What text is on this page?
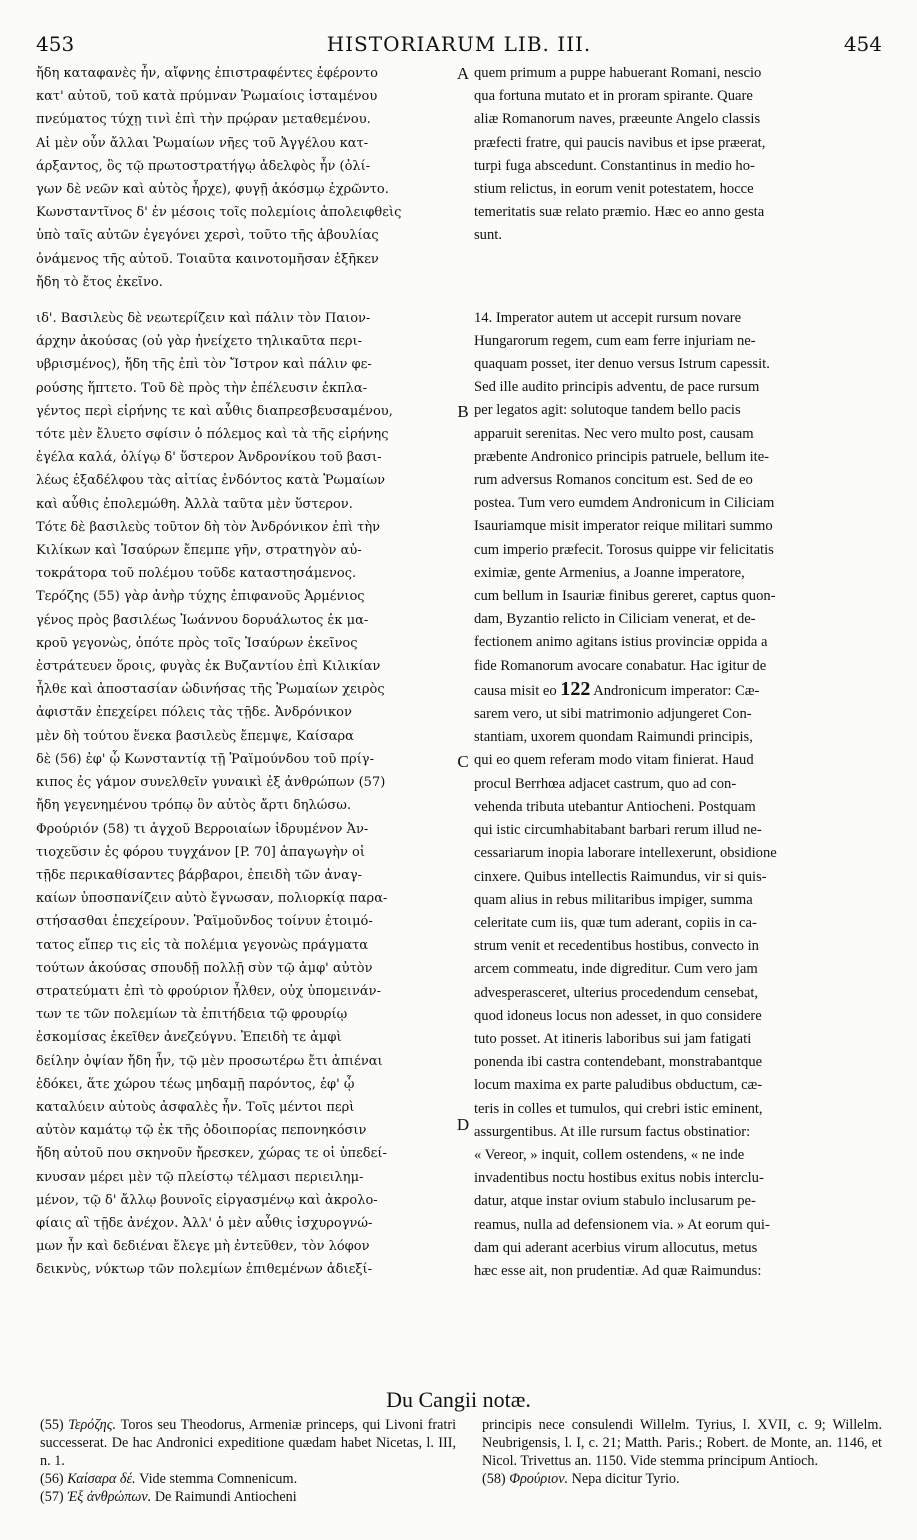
453	HISTORIARUM LIB. III.	454
A
B
C
D

ἤδη καταφανὲς ἦν, αἴφνης ἐπιστραφέντες ἐφέροντο
κατ' αὐτοῦ, τοῦ κατὰ πρύμναν Ῥωμαίοις ἱσταμένου
πνεύματος τύχῃ τινὶ ἐπὶ τὴν πρῴραν μεταθεμένου.
Αἱ μὲν οὖν ἄλλαι Ῥωμαίων νῆες τοῦ Ἀγγέλου κατ-
άρξαντος, ὃς τῷ πρωτοστρατήγῳ ἀδελφὸς ἦν (ὀλί-
γων δὲ νεῶν καὶ αὐτὸς ἦρχε), φυγῇ ἀκόσμῳ ἐχρῶντο.
Κωνσταντῖνος δ' ἐν μέσοις τοῖς πολεμίοις ἀπολειφθεὶς
ὑπὸ ταῖς αὐτῶν ἐγεγόνει χερσὶ, τοῦτο τῆς ἀβουλίας
ὀνάμενος τῆς αὐτοῦ. Τοιαῦτα καινοτομῆσαν ἐξῆκεν
ἤδη τὸ ἔτος ἐκεῖνο.

ιδ'. Βασιλεὺς δὲ νεωτερίζειν καὶ πάλιν τὸν Παιον-
άρχην ἀκούσας (οὐ γὰρ ἠνείχετο τηλικαῦτα περι-
υβρισμένος), ἤδη τῆς ἐπὶ τὸν Ἴστρον καὶ πάλιν φε-
ρούσης ἥπτετο. Τοῦ δὲ πρὸς τὴν ἐπέλευσιν ἐκπλα-
γέντος περὶ εἰρήνης τε καὶ αὖθις διαπρεσβευσαμένου,
τότε μὲν ἔλυετο σφίσιν ὁ πόλεμος καὶ τὰ τῆς εἰρήνης
ἐγέλα καλά, ὀλίγῳ δ' ὕστερον Ἀνδρονίκου τοῦ βασι-
λέως ἐξαδέλφου τὰς αἰτίας ἐνδόντος κατὰ Ῥωμαίων
καὶ αὖθις ἐπολεμώθη. Ἀλλὰ ταῦτα μὲν ὕστερον.
Τότε δὲ βασιλεὺς τοῦτον δὴ τὸν Ἀνδρόνικον ἐπὶ τὴν
Κιλίκων καὶ Ἰσαύρων ἔπεμπε γῆν, στρατηγὸν αὐ-
τοκράτορα τοῦ πολέμου τοῦδε καταστησάμενος.
Τερόζης (55) γὰρ ἀνὴρ τύχης ἐπιφανοῦς Ἀρμένιος
γένος πρὸς βασιλέως Ἰωάννου δορυάλωτος ἐκ μα-
κροῦ γεγονὼς, ὁπότε πρὸς τοῖς Ἰσαύρων ἐκεῖνος
ἐστράτευεν ὅροις, φυγὰς ἐκ Βυζαντίου ἐπὶ Κιλικίαν
ἦλθε καὶ ἀποστασίαν ὠδινήσας τῆς Ῥωμαίων χειρὸς
ἀφιστᾶν ἐπεχείρει πόλεις τὰς τῇδε. Ἀνδρόνικον
μὲν δὴ τούτου ἕνεκα βασιλεὺς ἔπεμψε, Καίσαρα
δὲ (56) ἐφ' ᾧ Κωνσταντίᾳ τῇ Ῥαϊμούνδου τοῦ πρίγ-
κιπος ἐς γάμον συνελθεῖν γυναικὶ ἐξ ἀνθρώπων (57)
ἤδη γεγενημένου τρόπῳ ὃν αὐτὸς ἄρτι δηλώσω.
Φρούριόν (58) τι ἀγχοῦ Βερροιαίων ἱδρυμένον Ἀν-
τιοχεῦσιν ἐς φόρου τυγχάνον [P. 70] ἀπαγωγὴν οἱ
τῇδε περικαθίσαντες βάρβαροι, ἐπειδὴ τῶν ἀναγ-
καίων ὑποσπανίζειν αὐτὸ ἔγνωσαν, πολιορκίᾳ παρα-
στήσασθαι ἐπεχείρουν. Ῥαϊμοῦνδος τοίνυν ἑτοιμό-
τατος εἴπερ τις εἰς τὰ πολέμια γεγονὼς πράγματα
τούτων ἀκούσας σπουδῇ πολλῇ σὺν τῷ ἀμφ' αὐτὸν
στρατεύματι ἐπὶ τὸ φρούριον ἦλθεν, οὐχ ὑπομεινάν-
των τε τῶν πολεμίων τὰ ἐπιτήδεια τῷ φρουρίῳ
ἐσκομίσας ἐκεῖθεν ἀνεζεύγνυ. Ἐπειδὴ τε ἀμφὶ
δείλην ὀψίαν ἤδη ἦν, τῷ μὲν προσωτέρω ἔτι ἀπιέναι
ἐδόκει, ἅτε χώρου τέως μηδαμῇ παρόντος, ἐφ' ᾧ
καταλύειν αὐτοὺς ἀσφαλὲς ἦν. Τοῖς μέντοι περὶ
αὐτὸν καμάτῳ τῷ ἐκ τῆς ὁδοιπορίας πεπονηκόσιν
ἤδη αὐτοῦ που σκηνοῦν ἤρεσκεν, χώρας τε οἱ ὑπεδεί-
κνυσαν μέρει μὲν τῷ πλείστῳ τέλμασι περιειλημ-
μένον, τῷ δ' ἄλλῳ βουνοῖς εἰργασμένῳ καὶ ἀκρολο-
φίαις αἳ τῇδε ἀνέχον. Ἀλλ' ὁ μὲν αὖθις ἰσχυρογνώ-
μων ἦν καὶ δεδιέναι ἔλεγε μὴ ἐντεῦθεν, τὸν λόφον
δεικνὺς, νύκτωρ τῶν πολεμίων ἐπιθεμένων ἀδιεξί-

quem primum a puppe habuerant Romani, nescio
qua fortuna mutato et in proram spirante. Quare
aliæ Romanorum naves, præeunte Angelo classis
præfecti fratre, qui paucis navibus et ipse præerat,
turpi fuga abscedunt. Constantinus in medio ho-
stium relictus, in eorum venit potestatem, hocce
temeritatis suæ relato præmio. Hæc eo anno gesta
sunt.

14. Imperator autem ut accepit rursum novare
Hungarorum regem, cum eam ferre injuriam ne-
quaquam posset, iter denuo versus Istrum capessit.
Sed ille audito principis adventu, de pace rursum
per legatos agit: solutoque tandem bello pacis
apparuit serenitas. Nec vero multo post, causam
præbente Andronico principis patruele, bellum ite-
rum adversus Romanos concitum est. Sed de eo
postea. Tum vero eumdem Andronicum in Ciliciam
Isauriamque misit imperator reique militari summo
cum imperio præfecit. Torosus quippe vir felicitatis
eximiæ, gente Armenius, a Joanne imperatore,
cum bellum in Isauriæ finibus gereret, captus quon-
dam, Byzantio relicto in Ciliciam venerat, et de-
fectionem animo agitans istius provinciæ oppida a
fide Romanorum avocare conabatur. Hac igitur de
causa misit eo 122 Andronicum imperator: Cæ-
sarem vero, ut sibi matrimonio adjungeret Con-
stantiam, uxorem quondam Raimundi principis,
qui eo quem referam modo vitam finierat. Haud
procul Berrhœa adjacet castrum, quo ad con-
vehenda tributa utebantur Antiocheni. Postquam
qui istic circumhabitabant barbari rerum illud ne-
cessariarum inopia laborare intellexerunt, obsidione
cinxere. Quibus intellectis Raimundus, vir si quis-
quam alius in rebus militaribus impiger, summa
celeritate cum iis, quæ tum aderant, copiis in ca-
strum venit et recedentibus hostibus, convecto in
arcem commeatu, inde digreditur. Cum vero jam
advesperasceret, ulterius procedendum censebat,
quod idoneus locus non adesset, in quo considere
tuto posset. At itineris laboribus sui jam fatigati
ponenda ibi castra contendebant, monstrabantque
locum maxima ex parte paludibus obductum, cæ-
teris in colles et tumulos, qui crebri istic eminent,
assurgentibus. At ille rursum factus obstinatior:
« Vereor, » inquit, collem ostendens, « ne inde
invadentibus noctu hostibus exitus nobis interclu-
datur, atque instar ovium stabulo inclusarum pe-
reamus, nulla ad defensionem via. » At eorum qui-
dam qui aderant acerbius virum allocutus, metus
hæc esse ait, non prudentiæ. Ad quæ Raimundus:

Du Cangii notæ.

(55) Τερόζης. Toros seu Theodorus, Armeniæ princeps, qui Livoni fratri successerat. De hac Andronici expeditione quædam habet Nicetas, l. III, n. 1.

(56) Καίσαρα δέ. Vide stemma Comnenicum.

(57) Ἐξ ἀνθρώπων. De Raimundi Antiocheni

principis nece consulendi Willelm. Tyrius, l. XVII, c. 9; Willelm. Neubrigensis, l. I, c. 21; Matth. Paris.; Robert. de Monte, an. 1146, et Nicol. Trivettus an. 1150. Vide stemma principum Antioch.

(58) Φρούριον. Nepa dicitur Tyrio.
